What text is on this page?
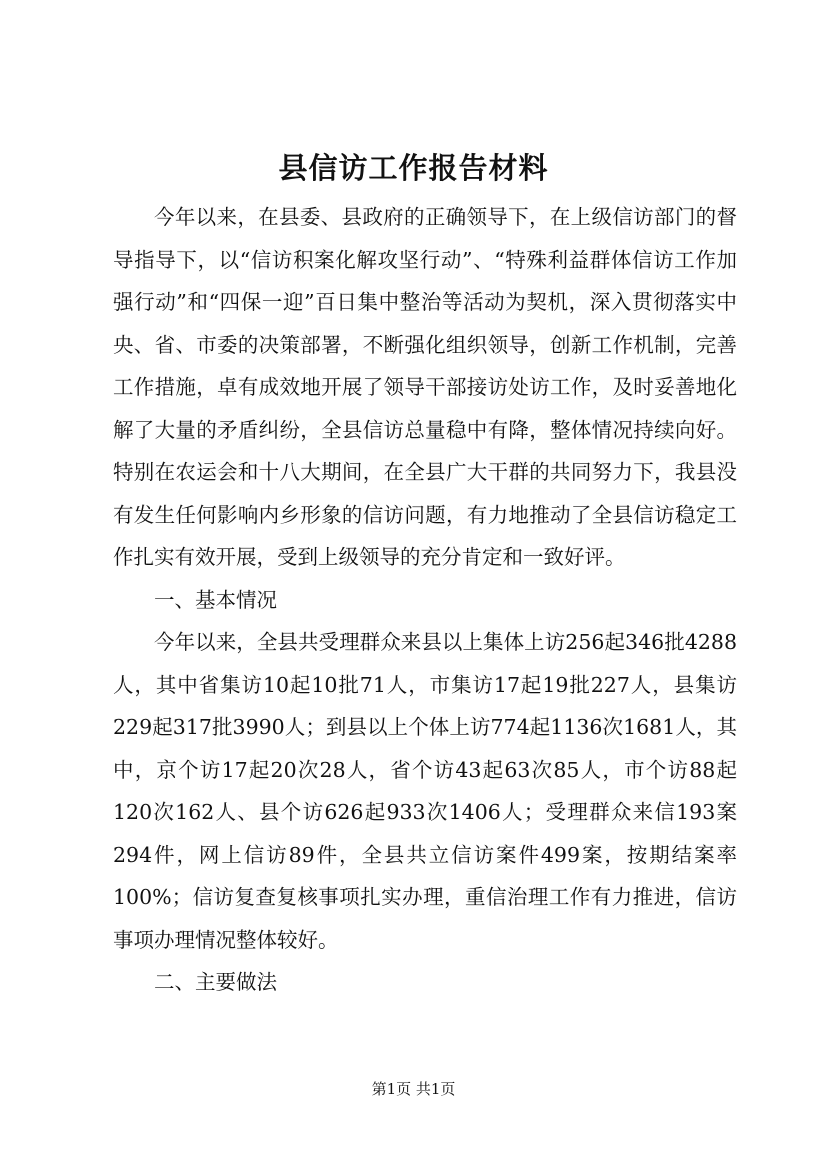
县信访工作报告材料

今年以来，在县委、县政府的正确领导下，在上级信访部门的督导指导下，以“信访积案化解攻坚行动”、“特殊利益群体信访工作加强行动”和“四保一迎”百日集中整治等活动为契机，深入贯彻落实中央、省、市委的决策部署，不断强化组织领导，创新工作机制，完善工作措施，卓有成效地开展了领导干部接访处访工作，及时妥善地化解了大量的矛盾纠纷，全县信访总量稳中有降，整体情况持续向好。特别在农运会和十八大期间，在全县广大干群的共同努力下，我县没有发生任何影响内乡形象的信访问题，有力地推动了全县信访稳定工作扎实有效开展，受到上级领导的充分肯定和一致好评。

一、基本情况

今年以来，全县共受理群众来县以上集体上访256起346批4288人，其中省集访10起10批71人，市集访17起19批227人，县集访229起317批3990人；到县以上个体上访774起1136次1681人，其中，京个访17起20次28人，省个访43起63次85人，市个访88起120次162人、县个访626起933次1406人；受理群众来信193案294件，网上信访89件，全县共立信访案件499案，按期结案率100%；信访复查复核事项扎实办理，重信治理工作有力推进，信访事项办理情况整体较好。

二、主要做法
第1页 共1页
